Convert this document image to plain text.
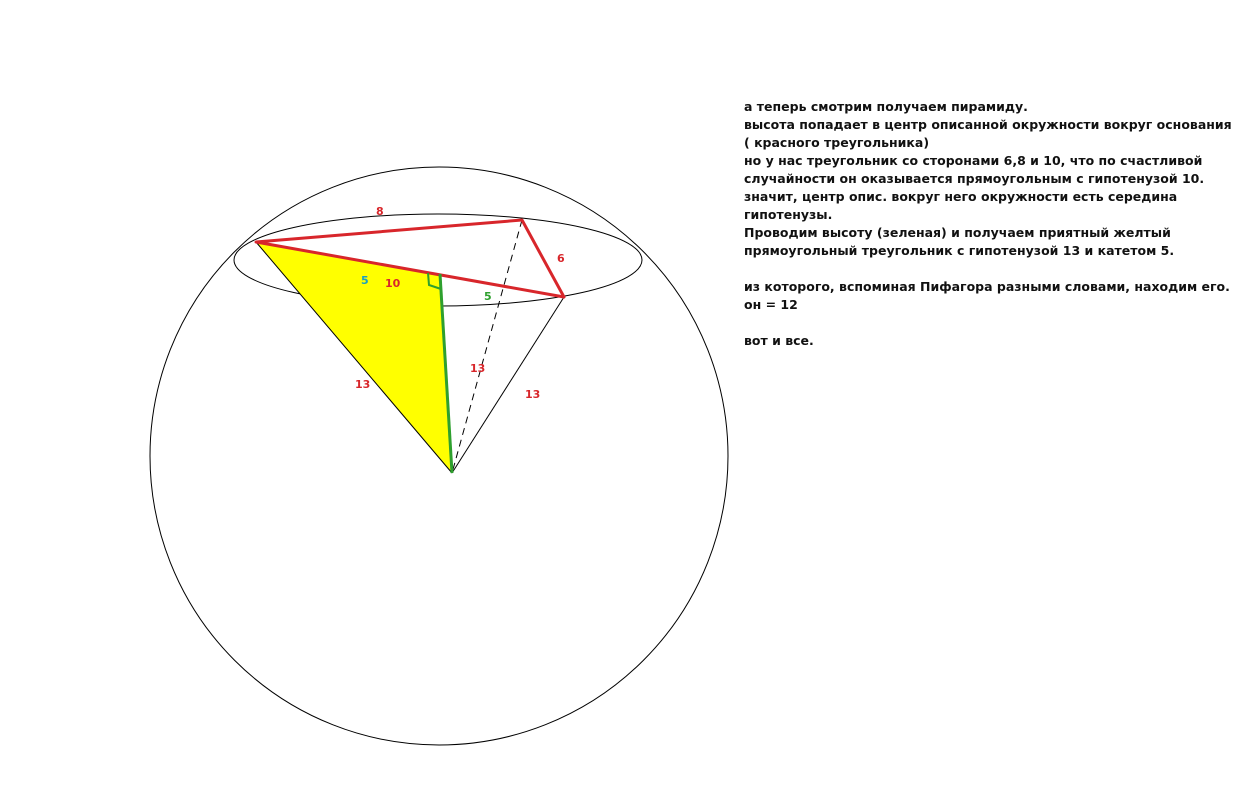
8
6
10
5
5
13
13
13
а теперь смотрим получаем пирамиду.
высота попадает в центр описанной окружности вокруг основания
( красного треугольника)
но у нас треугольник со сторонами 6,8 и 10, что по счастливой
случайности он оказывается прямоугольным с гипотенузой 10.
значит, центр опис. вокруг него окружности есть середина
гипотенузы.
Проводим высоту (зеленая) и получаем приятный желтый
прямоугольный треугольник с гипотенузой 13 и катетом 5.
из которого, вспоминая Пифагора разными словами, находим его.
он = 12
вот и все.
